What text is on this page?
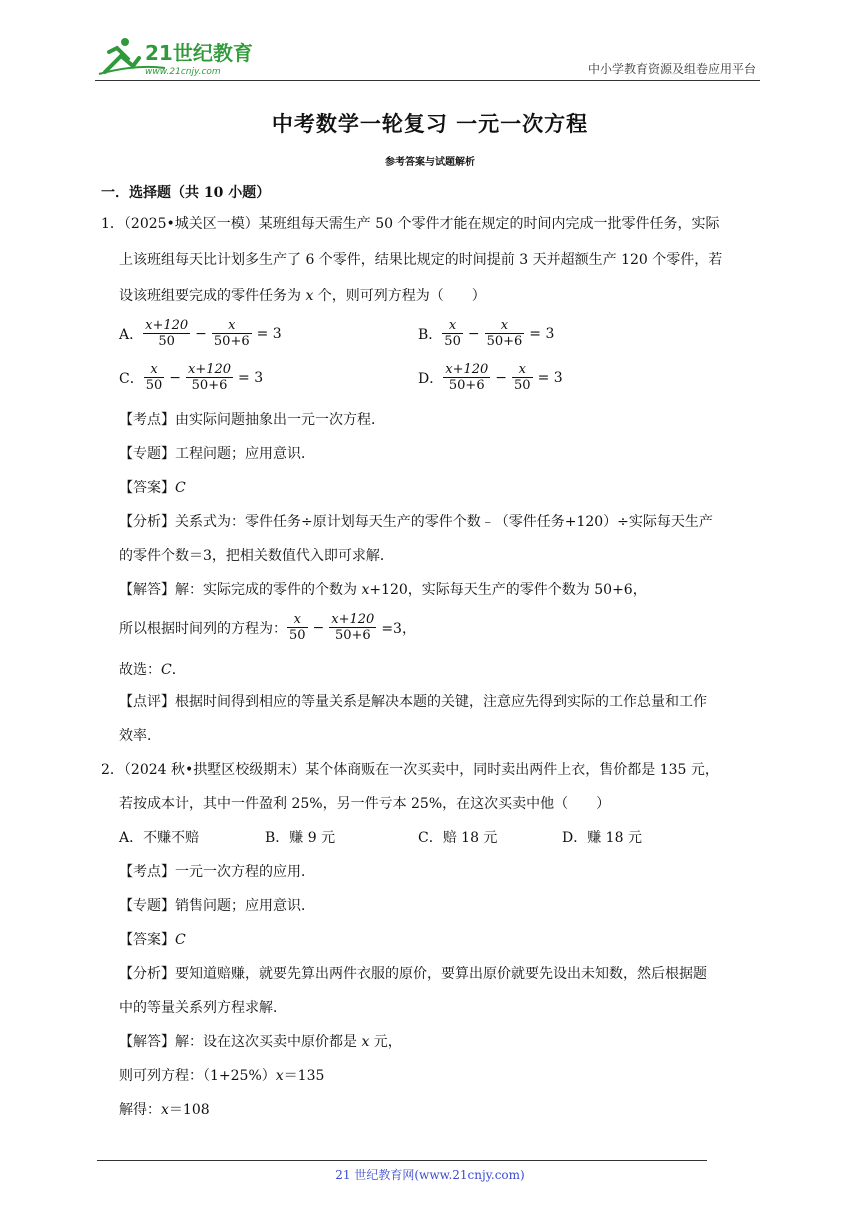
21世纪教育
www.21cnjy.com	中小学教育资源及组卷应用平台
中考数学一轮复习 一元一次方程
参考答案与试题解析
一．选择题（共 10 小题）
1．（2025•城关区一模）某班组每天需生产 50 个零件才能在规定的时间内完成一批零件任务，实际
上该班组每天比计划多生产了 6 个零件，结果比规定的时间提前 3 天并超额生产 120 个零件，若
设该班组要完成的零件任务为 x 个，则可列方程为（　　）
A． $\frac{x+120}{50} - \frac{x}{50+6} = 3$	B． $\frac{x}{50} - \frac{x}{50+6} = 3$
C． $\frac{x}{50} - \frac{x+120}{50+6} = 3$	D． $\frac{x+120}{50+6} - \frac{x}{50} = 3$
【考点】由实际问题抽象出一元一次方程．
【专题】工程问题；应用意识．
【答案】C
【分析】关系式为：零件任务÷原计划每天生产的零件个数﹣（零件任务+120）÷实际每天生产
的零件个数＝3，把相关数值代入即可求解．
【解答】解：实际完成的零件的个数为 x+120，实际每天生产的零件个数为 50+6，
所以根据时间列的方程为： $\frac{x}{50} - \frac{x+120}{50+6} =3$，
故选：C．
【点评】根据时间得到相应的等量关系是解决本题的关键，注意应先得到实际的工作总量和工作
效率．
2．（2024 秋•拱墅区校级期末）某个体商贩在一次买卖中，同时卖出两件上衣，售价都是 135 元，
若按成本计，其中一件盈利 25%，另一件亏本 25%，在这次买卖中他（　　）
A．不赚不赔	B．赚 9 元	C．赔 18 元	D．赚 18 元
【考点】一元一次方程的应用．
【专题】销售问题；应用意识．
【答案】C
【分析】要知道赔赚，就要先算出两件衣服的原价，要算出原价就要先设出未知数，然后根据题
中的等量关系列方程求解．
【解答】解：设在这次买卖中原价都是 x 元，
则可列方程：（1+25%）x＝135
解得：x＝108
21 世纪教育网(www.21cnjy.com)
